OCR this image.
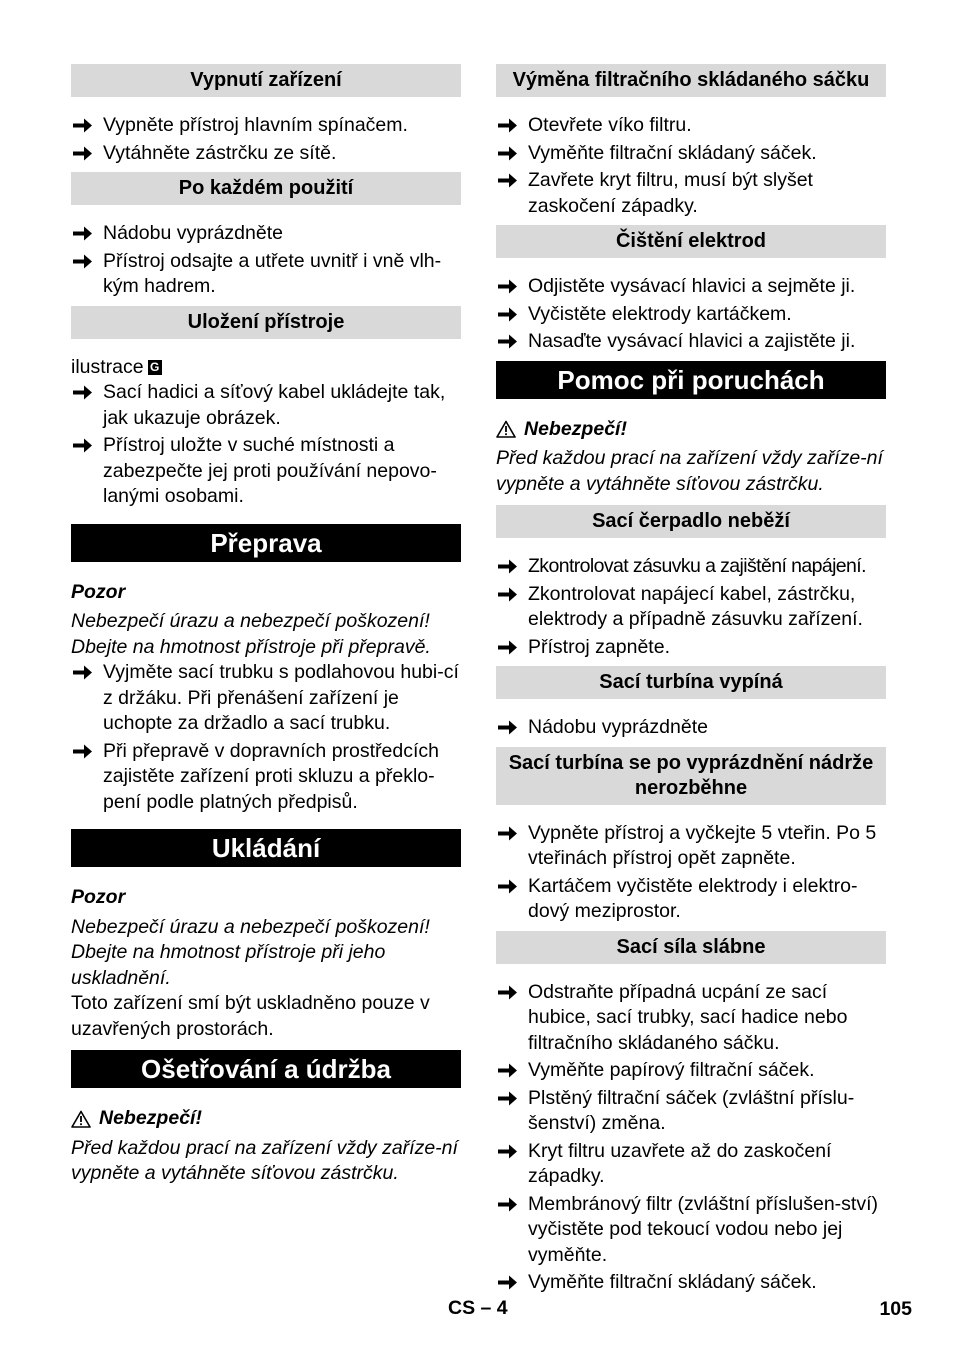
Vypnutí zařízení
Vypněte přístroj hlavním spínačem.
Vytáhněte zástrčku ze sítě.
Po každém použití
Nádobu vyprázdněte
Přístroj odsajte a utřete uvnitř i vně vlh-kým hadrem.
Uložení přístroje

ilustrace G

Sací hadici a síťový kabel ukládejte tak, jak ukazuje obrázek.
Přístroj uložte v suché místnosti a zabezpečte jej proti používání nepovo-lanými osobami.
Přeprava

Pozor

Nebezpečí úrazu a nebezpečí poškození! Dbejte na hmotnost přístroje při přepravě.

Vyjměte sací trubku s podlahovou hubi-cí z držáku. Při přenášení zařízení je uchopte za držadlo a sací trubku.
Při přepravě v dopravních prostředcích zajistěte zařízení proti skluzu a překlo-pení podle platných předpisů.
Ukládání

Pozor

Nebezpečí úrazu a nebezpečí poškození! Dbejte na hmotnost přístroje při jeho uskladnění.

Toto zařízení smí být uskladněno pouze v uzavřených prostorách.

Ošetřování a údržba

Nebezpečí!

Před každou prací na zařízení vždy zaříze-ní vypněte a vytáhněte síťovou zástrčku.

Výměna filtračního skládaného sáčku
Otevřete víko filtru.
Vyměňte filtrační skládaný sáček.
Zavřete kryt filtru, musí být slyšet zaskočení západky.
Čištění elektrod
Odjistěte vysávací hlavici a sejměte ji.
Vyčistěte elektrody kartáčkem.
Nasaďte vysávací hlavici a zajistěte ji.
Pomoc při poruchách

Nebezpečí!

Před každou prací na zařízení vždy zaříze-ní vypněte a vytáhněte síťovou zástrčku.

Sací čerpadlo neběží
Zkontrolovat zásuvku a zajištění napájení.
Zkontrolovat napájecí kabel, zástrčku, elektrody a případně zásuvku zařízení.
Přístroj zapněte.
Sací turbína vypíná
Nádobu vyprázdněte
Sací turbína se po vyprázdnění nádrže nerozběhne
Vypněte přístroj a vyčkejte 5 vteřin. Po 5 vteřinách přístroj opět zapněte.
Kartáčem vyčistěte elektrody i elektro-dový meziprostor.
Sací síla slábne
Odstraňte případná ucpání ze sací hubice, sací trubky, sací hadice nebo filtračního skládaného sáčku.
Vyměňte papírový filtrační sáček.
Plstěný filtrační sáček (zvláštní příslu-šenství) změna.
Kryt filtru uzavřete až do zaskočení západky.
Membránový filtr (zvláštní příslušen-ství) vyčistěte pod tekoucí vodou nebo jej vyměňte.
Vyměňte filtrační skládaný sáček.
CS – 4	105
